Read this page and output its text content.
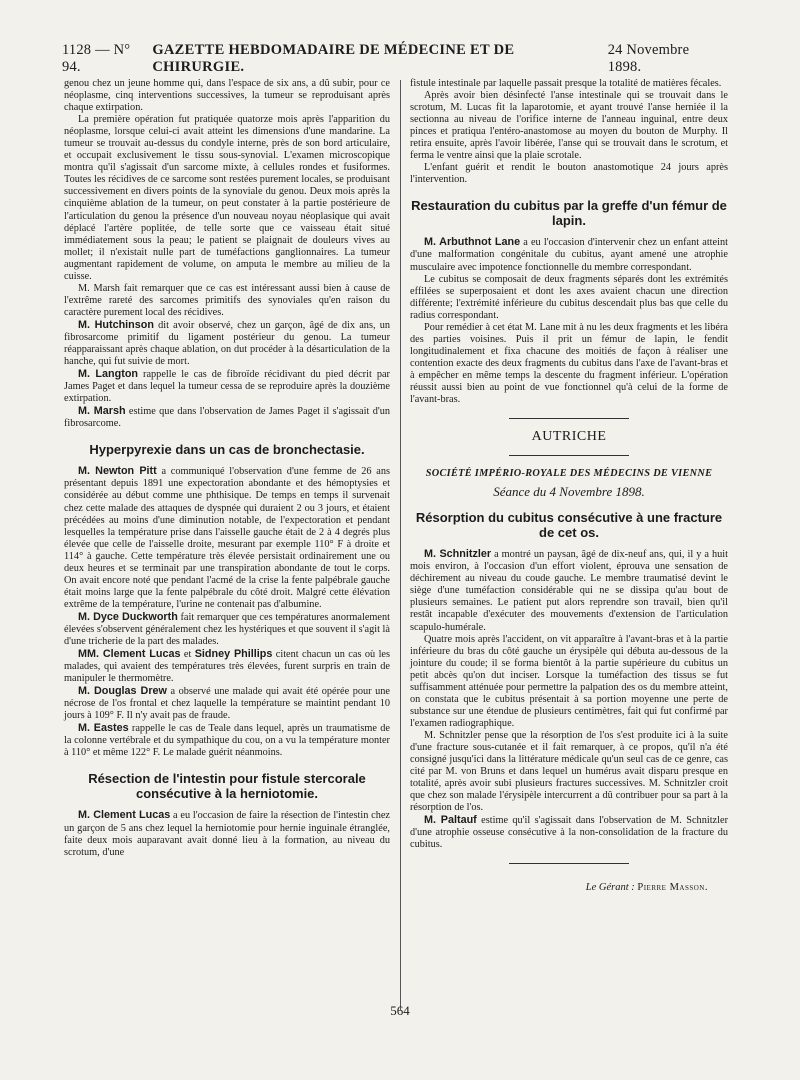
1128 — N° 94.
GAZETTE HEBDOMADAIRE DE MÉDECINE ET DE CHIRURGIE.
24 Novembre 1898.

genou chez un jeune homme qui, dans l'espace de six ans, a dû subir, pour ce néoplasme, cinq interventions successives, la tumeur se reproduisant après chaque extirpation.

La première opération fut pratiquée quatorze mois après l'apparition du néoplasme, lorsque celui-ci avait atteint les dimensions d'une mandarine. La tumeur se trouvait au-dessus du condyle interne, près de son bord articulaire, et occupait exclusivement le tissu sous-synovial. L'examen microscopique montra qu'il s'agissait d'un sarcome mixte, à cellules rondes et fusiformes. Toutes les récidives de ce sarcome sont restées purement locales, se produisant successivement en divers points de la synoviale du genou. Deux mois après la cinquième ablation de la tumeur, on peut constater à la partie postérieure de l'articulation du genou la présence d'un nouveau noyau néoplasique qui avait déplacé l'artère poplitée, de telle sorte que ce vaisseau était situé immédiatement sous la peau; le patient se plaignait de douleurs vives au mollet; il n'existait nulle part de tuméfactions ganglionnaires. La tumeur augmentant rapidement de volume, on amputa le membre au milieu de la cuisse.

M. Marsh fait remarquer que ce cas est intéressant aussi bien à cause de l'extrême rareté des sarcomes primitifs des synoviales qu'en raison du caractère purement local des récidives.

M. Hutchinson dit avoir observé, chez un garçon, âgé de dix ans, un fibrosarcome primitif du ligament postérieur du genou. La tumeur réapparaissant après chaque ablation, on dut procéder à la désarticulation de la hanche, qui fut suivie de mort.

M. Langton rappelle le cas de fibroïde récidivant du pied décrit par James Paget et dans lequel la tumeur cessa de se reproduire après la douzième extirpation.

M. Marsh estime que dans l'observation de James Paget il s'agissait d'un fibrosarcome.

Hyperpyrexie dans un cas de bronchectasie.

M. Newton Pitt a communiqué l'observation d'une femme de 26 ans présentant depuis 1891 une expectoration abondante et des hémoptysies et considérée au début comme une phthisique. De temps en temps il survenait chez cette malade des attaques de dyspnée qui duraient 2 ou 3 jours, et étaient précédées au moins d'une diminution notable, de l'expectoration et pendant lesquelles la température prise dans l'aisselle gauche était de 2 à 4 degrés plus élevée que celle de l'aisselle droite, mesurant par exemple 110° F à droite et 114° à gauche. Cette température très élevée persistait ordinairement une ou deux heures et se terminait par une transpiration abondante de tout le corps. On avait encore noté que pendant l'acmé de la crise la fente palpébrale gauche était moins large que la fente palpébrale du côté droit. Malgré cette élévation extrême de la température, l'urine ne contenait pas d'albumine.

M. Dyce Duckworth fait remarquer que ces températures anormalement élevées s'observent généralement chez les hystériques et que souvent il s'agit là d'une tricherie de la part des malades.

MM. Clement Lucas et Sidney Phillips citent chacun un cas où les malades, qui avaient des températures très élevées, furent surpris en train de manipuler le thermomètre.

M. Douglas Drew a observé une malade qui avait été opérée pour une nécrose de l'os frontal et chez laquelle la température se maintint pendant 10 jours à 109° F. Il n'y avait pas de fraude.

M. Eastes rappelle le cas de Teale dans lequel, après un traumatisme de la colonne vertébrale et du sympathique du cou, on a vu la température monter à 110° et même 122° F. Le malade guérit néanmoins.

Résection de l'intestin pour fistule stercorale consécutive à la herniotomie.

M. Clement Lucas a eu l'occasion de faire la résection de l'intestin chez un garçon de 5 ans chez lequel la herniotomie pour hernie inguinale étranglée, faite deux mois auparavant avait donné lieu à la formation, au niveau du scrotum, d'une

fistule intestinale par laquelle passait presque la totalité de matières fécales.

Après avoir bien désinfecté l'anse intestinale qui se trouvait dans le scrotum, M. Lucas fit la laparotomie, et ayant trouvé l'anse herniée il la sectionna au niveau de l'orifice interne de l'anneau inguinal, entre deux pinces et pratiqua l'entéro-anastomose au moyen du bouton de Murphy. Il retira ensuite, après l'avoir libérée, l'anse qui se trouvait dans le scrotum, et ferma le ventre ainsi que la plaie scrotale.

L'enfant guérit et rendit le bouton anastomotique 24 jours après l'intervention.

Restauration du cubitus par la greffe d'un fémur de lapin.

M. Arbuthnot Lane a eu l'occasion d'intervenir chez un enfant atteint d'une malformation congénitale du cubitus, ayant amené une atrophie musculaire avec impotence fonctionnelle du membre correspondant.

Le cubitus se composait de deux fragments séparés dont les extrémités effilées se superposaient et dont les axes avaient chacun une direction différente; l'extrémité inférieure du cubitus descendait plus bas que celle du radius correspondant.

Pour remédier à cet état M. Lane mit à nu les deux fragments et les libéra des parties voisines. Puis il prit un fémur de lapin, le fendit longitudinalement et fixa chacune des moitiés de façon à réaliser une contention exacte des deux fragments du cubitus dans l'axe de l'avant-bras et à empêcher en même temps la descente du fragment inférieur. L'opération réussit aussi bien au point de vue fonctionnel qu'à celui de la forme de l'avant-bras.

AUTRICHE
SOCIÉTÉ IMPÉRIO-ROYALE DES MÉDECINS DE VIENNE
Séance du 4 Novembre 1898.
Résorption du cubitus consécutive à une fracture de cet os.

M. Schnitzler a montré un paysan, âgé de dix-neuf ans, qui, il y a huit mois environ, à l'occasion d'un effort violent, éprouva une sensation de déchirement au niveau du coude gauche. Le membre traumatisé devint le siège d'une tuméfaction considérable qui ne se dissipa qu'au bout de plusieurs semaines. Le patient put alors reprendre son travail, bien qu'il restât incapable d'exécuter des mouvements d'extension de l'articulation scapulo-humérale.

Quatre mois après l'accident, on vit apparaître à l'avant-bras et à la partie inférieure du bras du côté gauche un érysipèle qui débuta au-dessous de la jointure du coude; il se forma bientôt à la partie supérieure du cubitus un petit abcès qu'on dut inciser. Lorsque la tuméfaction des tissus se fut suffisamment atténuée pour permettre la palpation des os du membre atteint, on constata que le cubitus présentait à sa portion moyenne une perte de substance sur une étendue de plusieurs centimètres, fait qui fut confirmé par l'examen radiographique.

M. Schnitzler pense que la résorption de l'os s'est produite ici à la suite d'une fracture sous-cutanée et il fait remarquer, à ce propos, qu'il n'a été consigné jusqu'ici dans la littérature médicale qu'un seul cas de ce genre, cas cité par M. von Bruns et dans lequel un humérus avait disparu presque en totalité, après avoir subi plusieurs fractures successives. M. Schnitzler croit que chez son malade l'érysipèle intercurrent a dû contribuer pour sa part à la résorption de l'os.

M. Paltauf estime qu'il s'agissait dans l'observation de M. Schnitzler d'une atrophie osseuse consécutive à la non-consolidation de la fracture du cubitus.

Le Gérant : Pierre Masson.
564
